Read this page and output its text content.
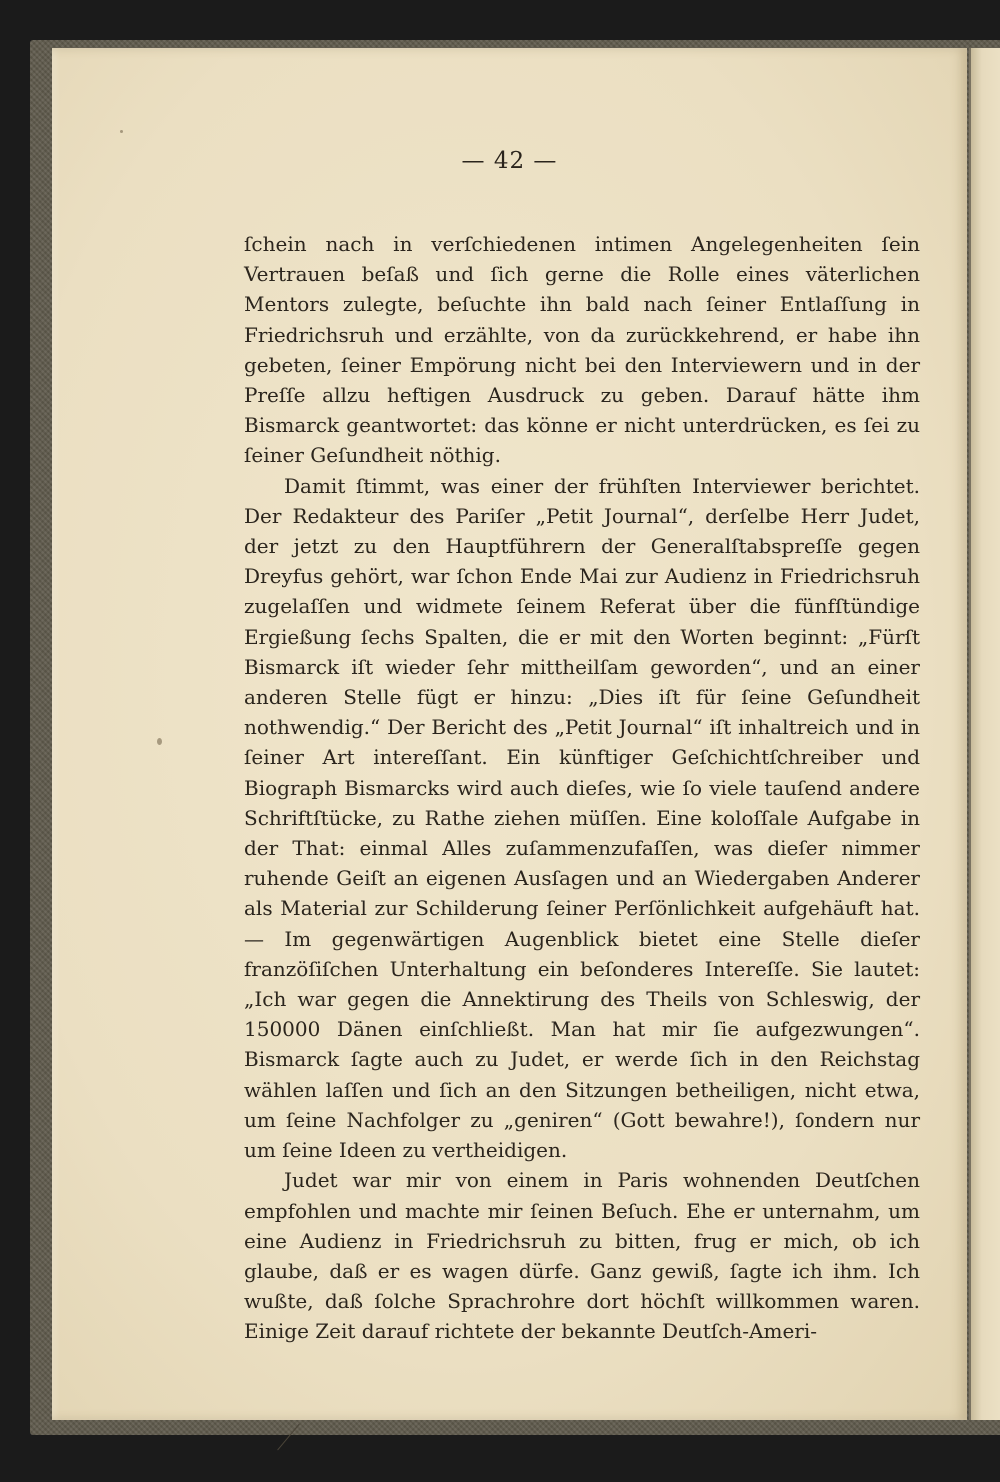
— 42 —

ſchein nach in verſchiedenen intimen Angelegenheiten ſein Vertrauen beſaß und ſich gerne die Rolle eines väterlichen Mentors zulegte, beſuchte ihn bald nach ſeiner Entlaſſung in Friedrichsruh und erzählte, von da zurückkehrend, er habe ihn gebeten, ſeiner Empörung nicht bei den Interviewern und in der Preſſe allzu heftigen Ausdruck zu geben. Darauf hätte ihm Bismarck geantwortet: das könne er nicht unterdrücken, es ſei zu ſeiner Geſundheit nöthig.

Damit ſtimmt, was einer der frühſten Interviewer berichtet. Der Redakteur des Pariſer „Petit Journal“, derſelbe Herr Judet, der jetzt zu den Hauptführern der Generalſtabspreſſe gegen Dreyfus gehört, war ſchon Ende Mai zur Audienz in Friedrichsruh zugelaſſen und widmete ſeinem Referat über die fünfſtündige Ergießung ſechs Spalten, die er mit den Worten beginnt: „Fürſt Bismarck iſt wieder ſehr mittheilſam geworden“, und an einer anderen Stelle fügt er hinzu: „Dies iſt für ſeine Geſundheit nothwendig.“ Der Bericht des „Petit Journal“ iſt inhaltreich und in ſeiner Art intereſſant. Ein künftiger Geſchichtſchreiber und Biograph Bismarcks wird auch dieſes, wie ſo viele tauſend andere Schriftſtücke, zu Rathe ziehen müſſen. Eine koloſſale Aufgabe in der That: einmal Alles zuſammenzufaſſen, was dieſer nimmer ruhende Geiſt an eigenen Ausſagen und an Wiedergaben Anderer als Material zur Schilderung ſeiner Perſönlichkeit aufgehäuft hat. — Im gegenwärtigen Augenblick bietet eine Stelle dieſer franzöſiſchen Unterhaltung ein beſonderes Intereſſe. Sie lautet: „Ich war gegen die Annektirung des Theils von Schleswig, der 150000 Dänen einſchließt. Man hat mir ſie aufgezwungen“. Bismarck ſagte auch zu Judet, er werde ſich in den Reichstag wählen laſſen und ſich an den Sitzungen betheiligen, nicht etwa, um ſeine Nachfolger zu „geniren“ (Gott bewahre!), ſondern nur um ſeine Ideen zu vertheidigen.

Judet war mir von einem in Paris wohnenden Deutſchen empfohlen und machte mir ſeinen Beſuch. Ehe er unternahm, um eine Audienz in Friedrichsruh zu bitten, frug er mich, ob ich glaube, daß er es wagen dürfe. Ganz gewiß, ſagte ich ihm. Ich wußte, daß ſolche Sprachrohre dort höchſt willkommen waren. Einige Zeit darauf richtete der bekannte Deutſch-Ameri-
